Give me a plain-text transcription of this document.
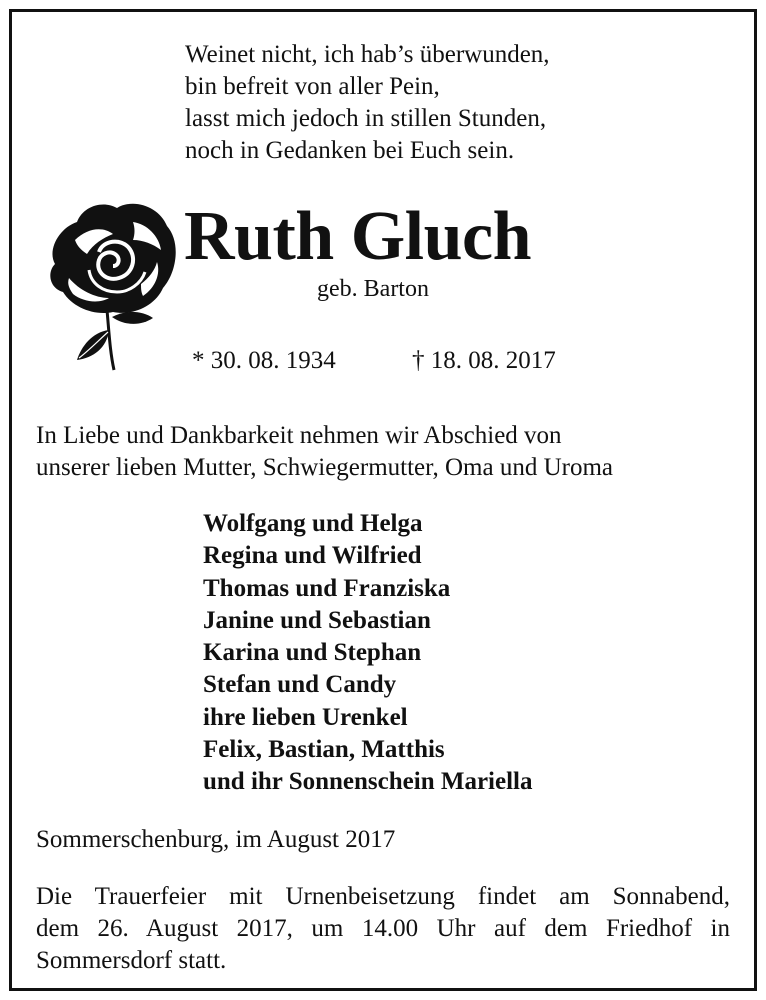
Weinet nicht, ich hab’s überwunden,
bin befreit von aller Pein,
lasst mich jedoch in stillen Stunden,
noch in Gedanken bei Euch sein.
Ruth Gluch
geb. Barton
* 30. 08. 1934	† 18. 08. 2017
In Liebe und Dankbarkeit nehmen wir Abschied von
unserer lieben Mutter, Schwiegermutter, Oma und Uroma
Wolfgang und Helga
Regina und Wilfried
Thomas und Franziska
Janine und Sebastian
Karina und Stephan
Stefan und Candy
ihre lieben Urenkel
Felix, Bastian, Matthis
und ihr Sonnenschein Mariella
Sommerschenburg, im August 2017
Die Trauerfeier mit Urnenbeisetzung findet am Sonnabend,
dem 26. August 2017, um 14.00 Uhr auf dem Friedhof in
Sommersdorf statt.
